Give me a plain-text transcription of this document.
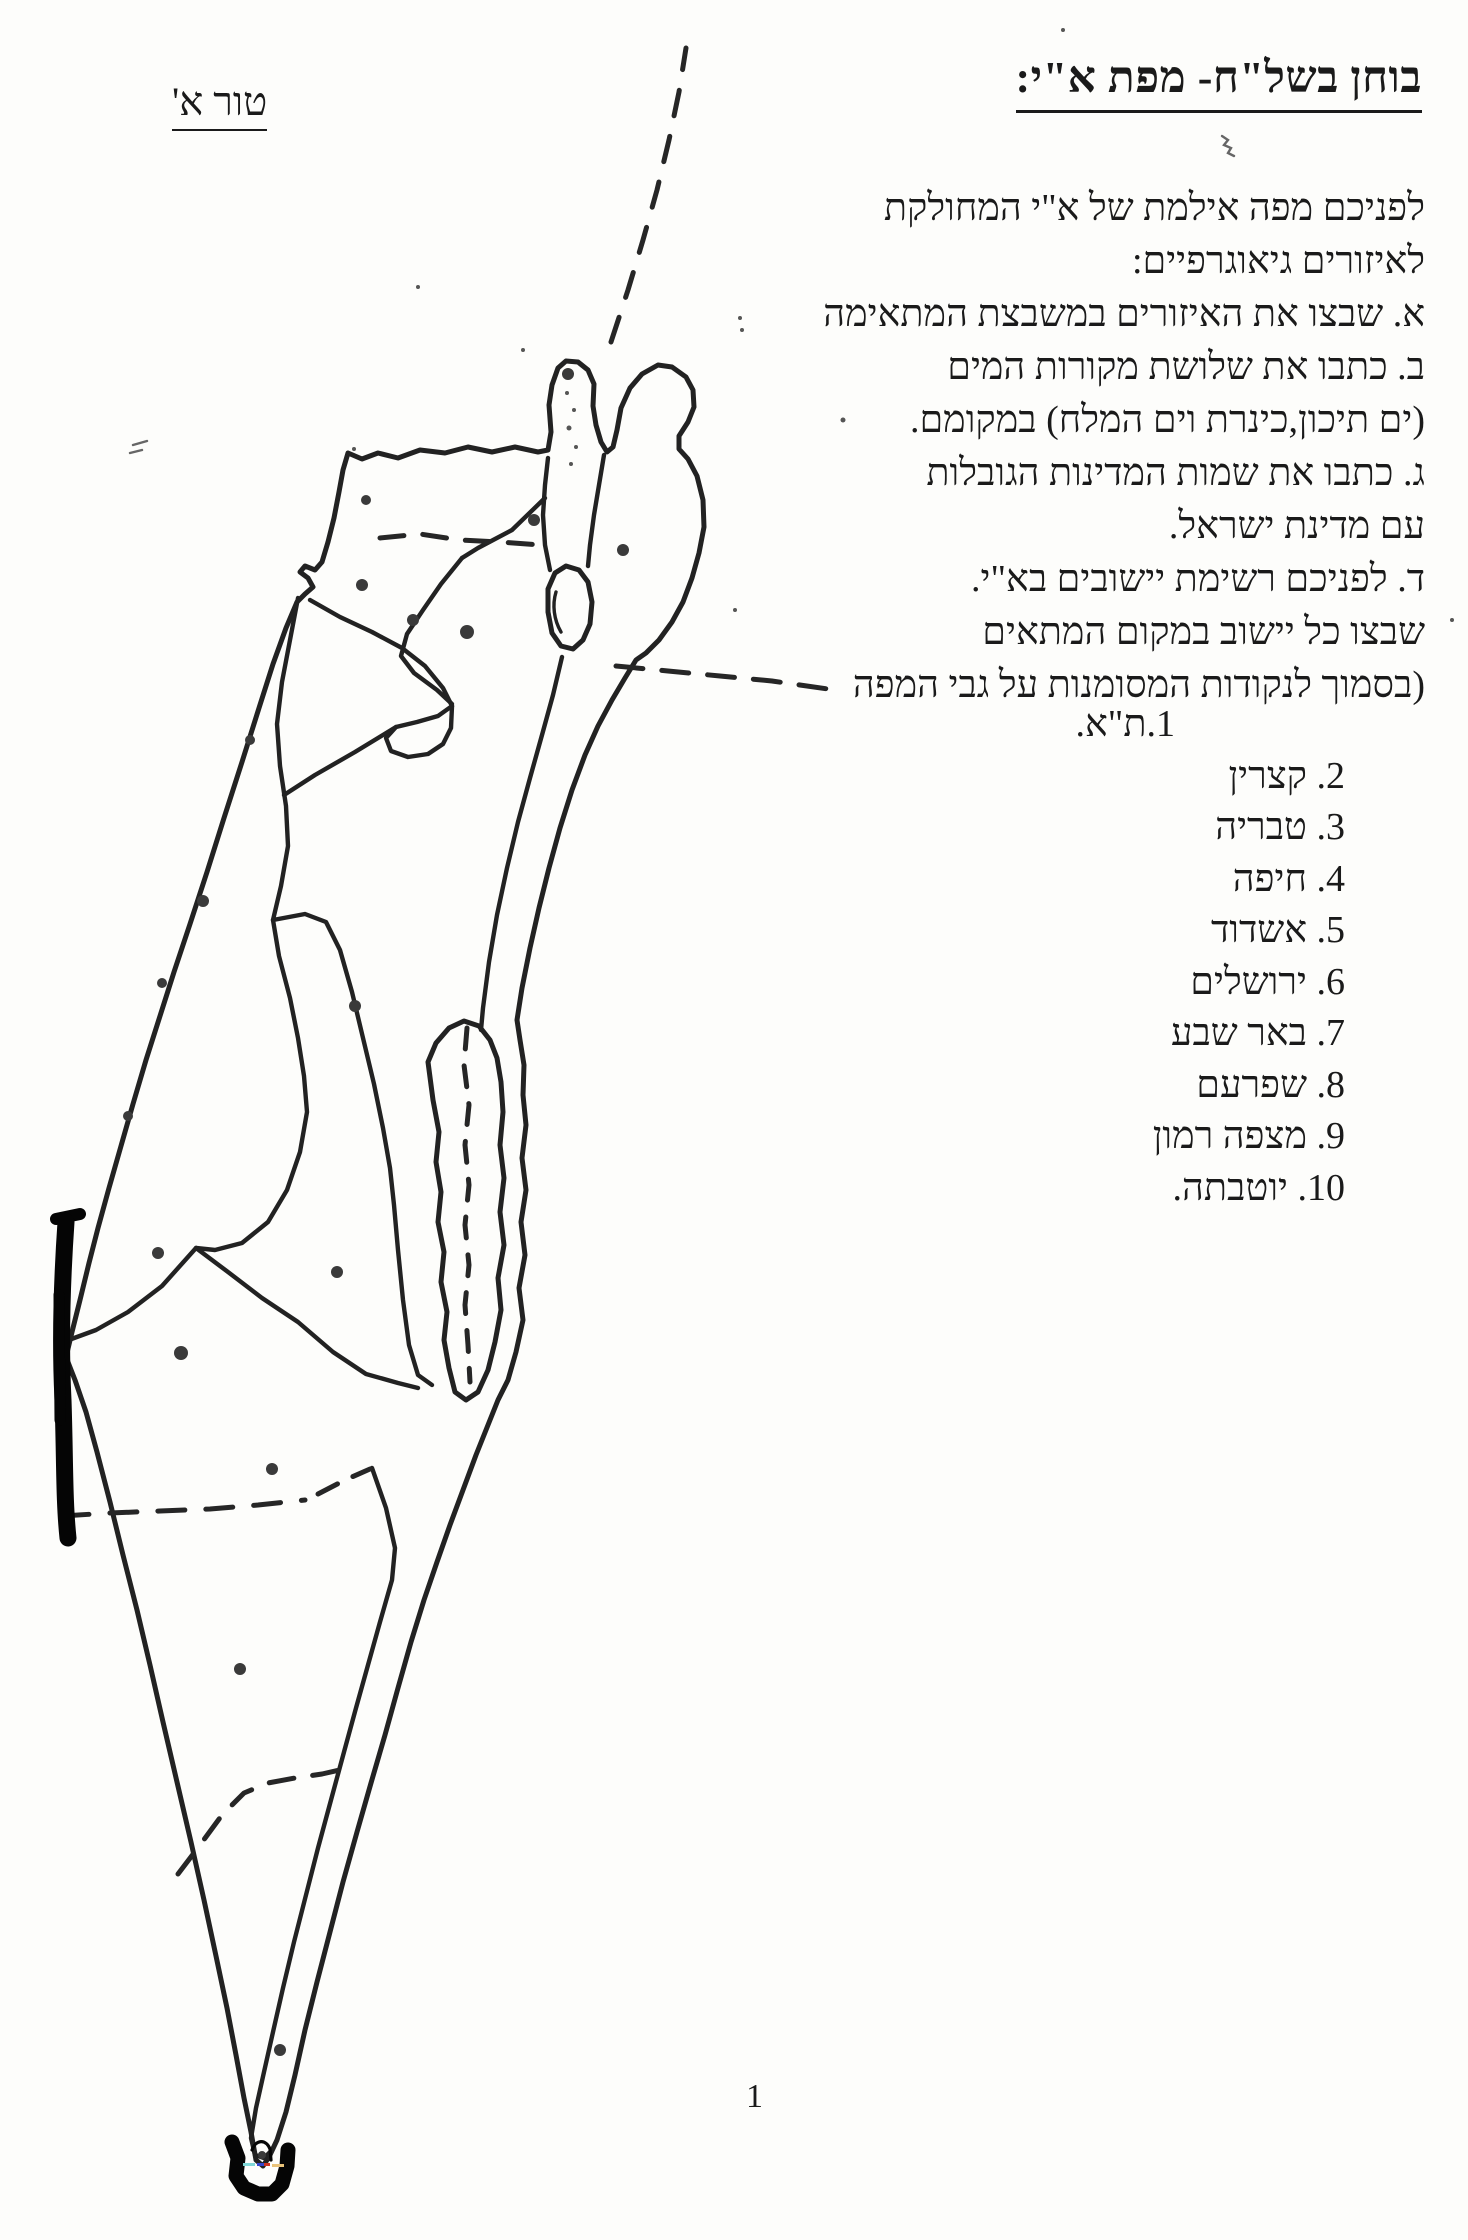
בוחן בשל"ח- מפת א"י:
טור א'
לפניכם מפה אילמת של א"י המחולקת
לאיזורים גיאוגרפיים:
א. שבצו את האיזורים במשבצת המתאימה
ב. כתבו את שלושת מקורות המים
(ים תיכון,כינרת וים המלח) במקומם.
ג. כתבו את שמות המדינות הגובלות
עם מדינת ישראל.
ד. לפניכם רשימת יישובים בא"י.
שבצו כל יישוב במקום המתאים
(בסמוך לנקודות המסומנות על גבי המפה
1.ת"א.
2. קצרין
3. טבריה
4. חיפה
5. אשדוד
6. ירושלים
7. באר שבע
8. שפרעם
9. מצפה רמון
10. יוטבתה.
1
